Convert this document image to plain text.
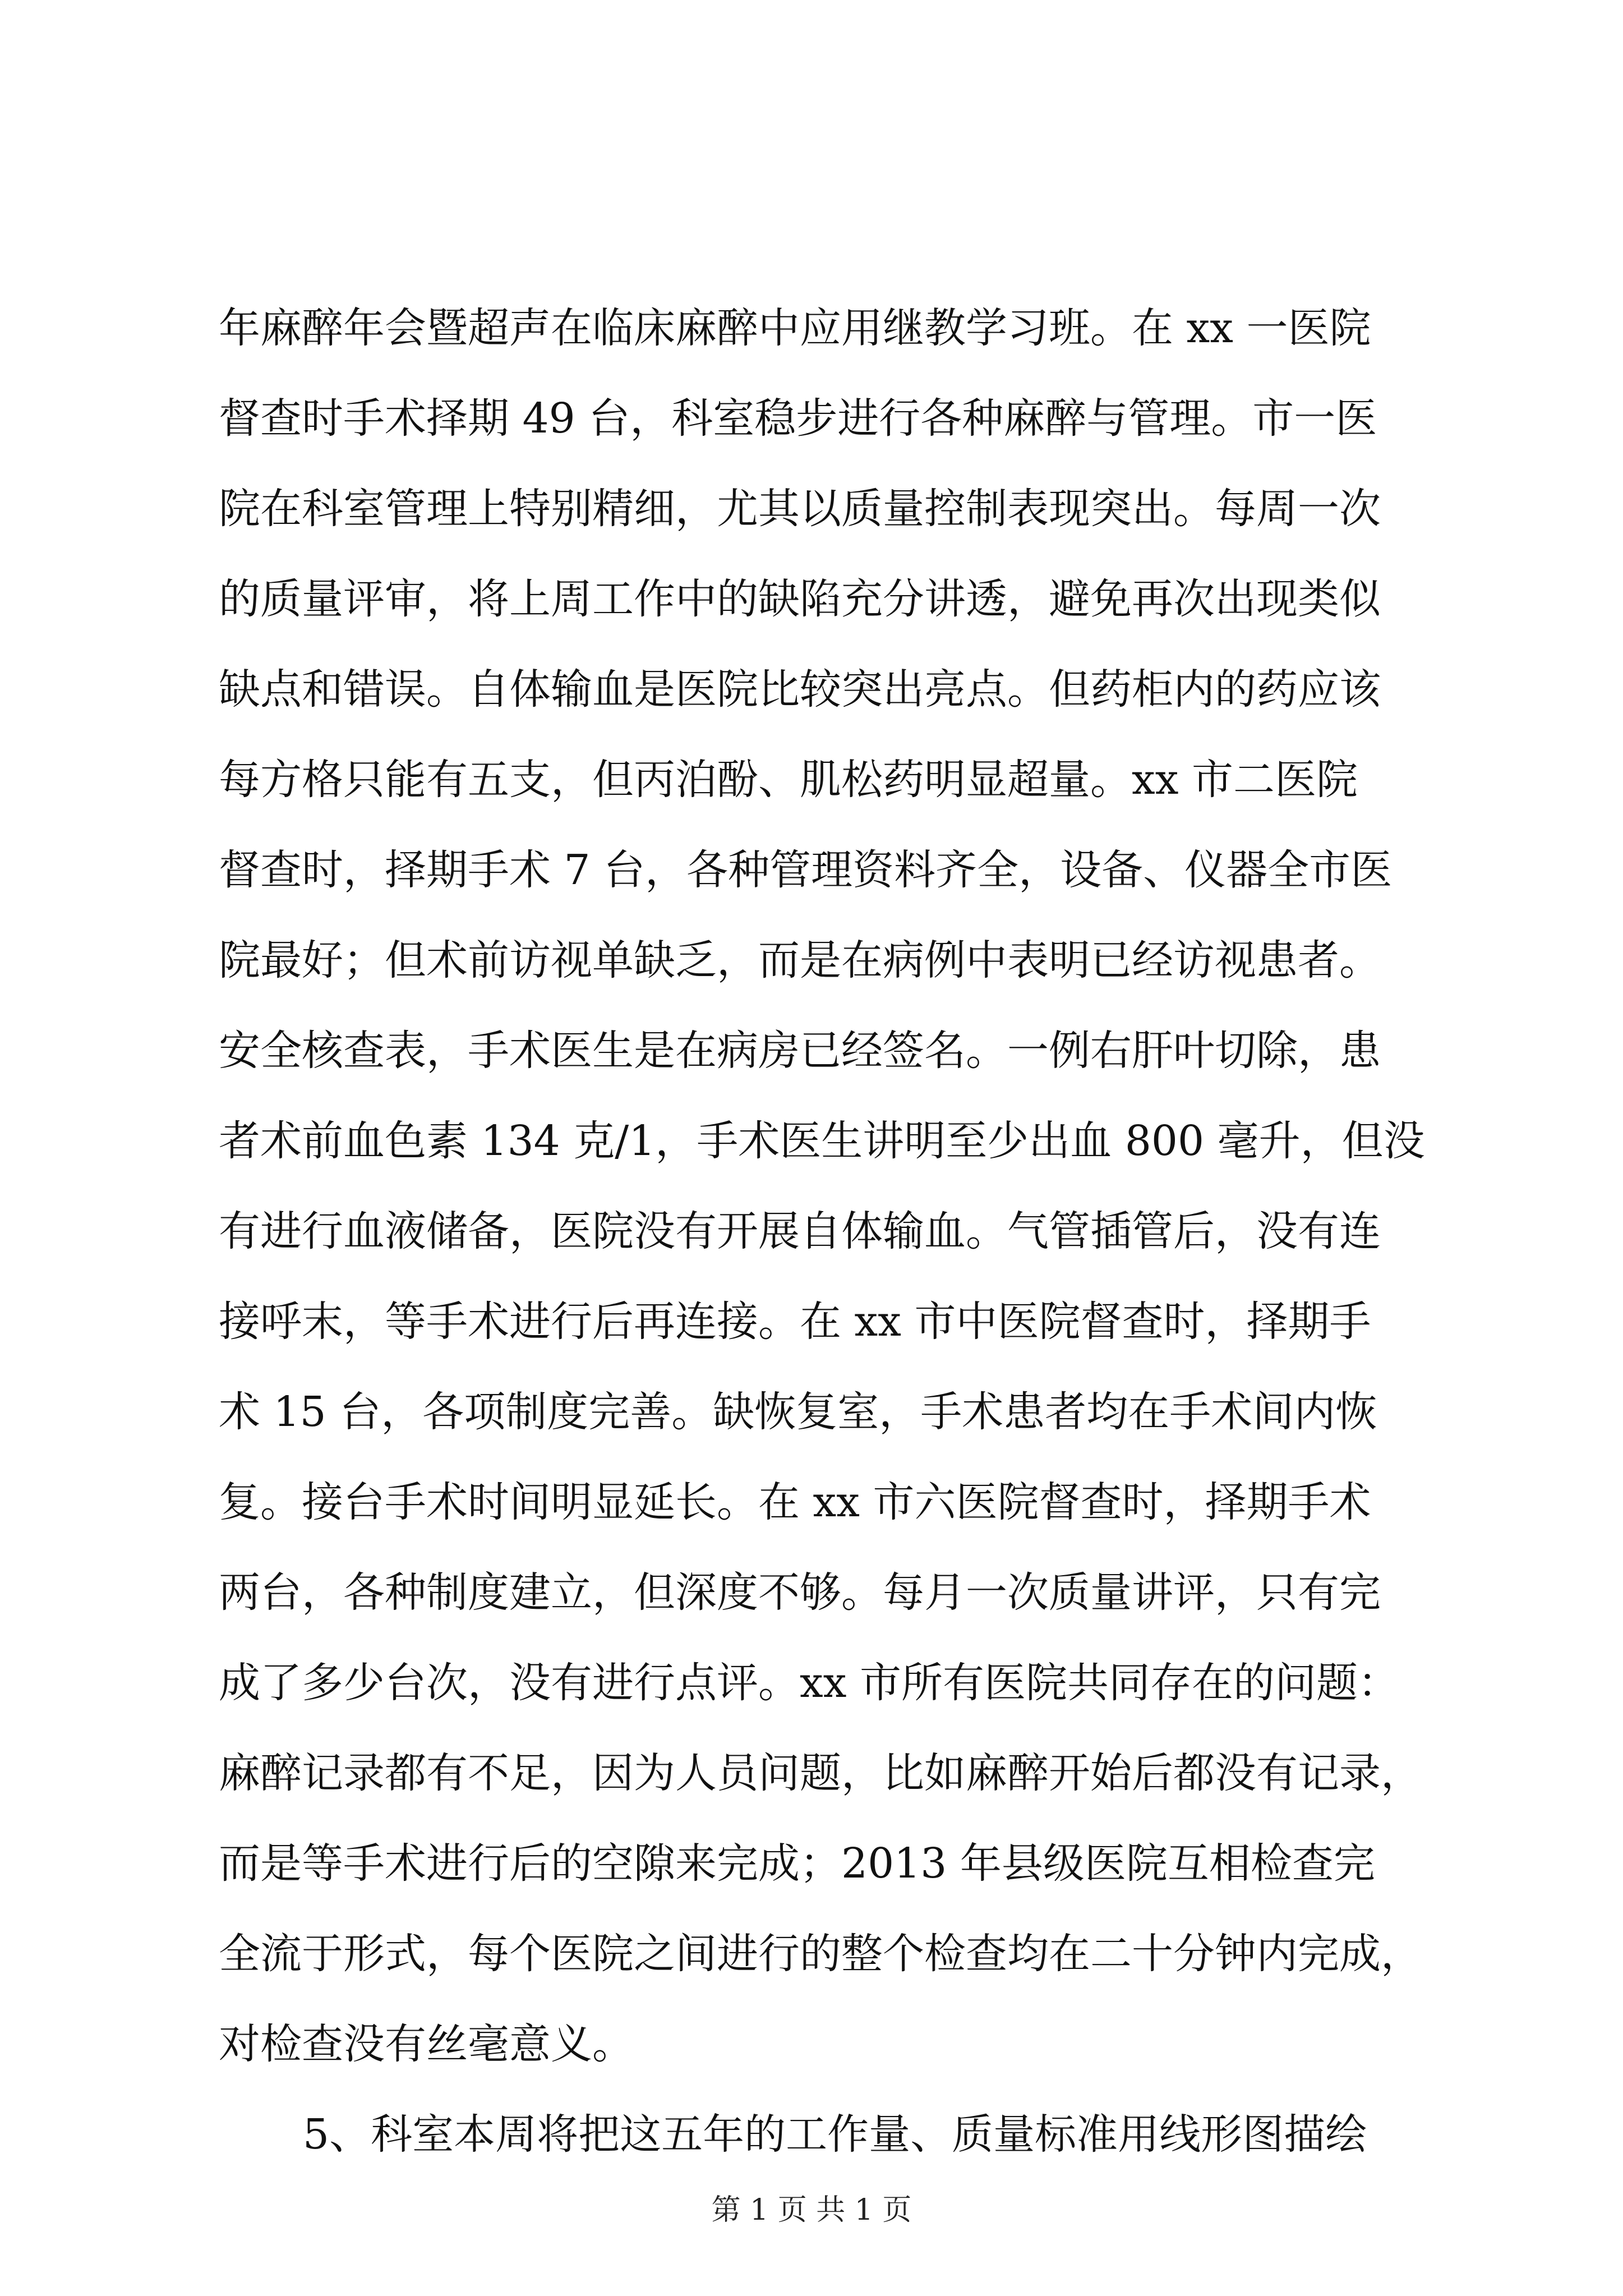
年麻醉年会暨超声在临床麻醉中应用继教学习班。在 xx 一医院
督查时手术择期 49 台，科室稳步进行各种麻醉与管理。市一医
院在科室管理上特别精细，尤其以质量控制表现突出。每周一次
的质量评审，将上周工作中的缺陷充分讲透，避免再次出现类似
缺点和错误。自体输血是医院比较突出亮点。但药柜内的药应该
每方格只能有五支，但丙泊酚、肌松药明显超量。xx 市二医院
督查时，择期手术 7 台，各种管理资料齐全，设备、仪器全市医
院最好；但术前访视单缺乏，而是在病例中表明已经访视患者。
安全核查表，手术医生是在病房已经签名。一例右肝叶切除，患
者术前血色素 134 克/1，手术医生讲明至少出血 800 毫升，但没
有进行血液储备，医院没有开展自体输血。气管插管后，没有连
接呼末，等手术进行后再连接。在 xx 市中医院督查时，择期手
术 15 台，各项制度完善。缺恢复室，手术患者均在手术间内恢
复。接台手术时间明显延长。在 xx 市六医院督查时，择期手术
两台，各种制度建立，但深度不够。每月一次质量讲评，只有完
成了多少台次，没有进行点评。xx 市所有医院共同存在的问题：
麻醉记录都有不足，因为人员问题，比如麻醉开始后都没有记录，
而是等手术进行后的空隙来完成；2013 年县级医院互相检查完
全流于形式，每个医院之间进行的整个检查均在二十分钟内完成，
对检查没有丝毫意义。
5、科室本周将把这五年的工作量、质量标准用线形图描绘
第 1 页 共 1 页
